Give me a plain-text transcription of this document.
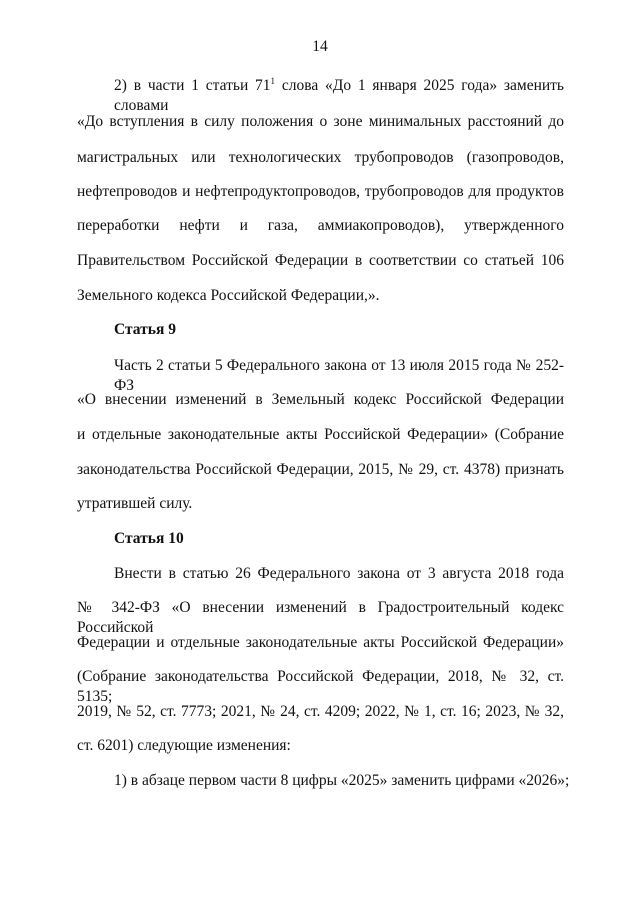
14
2) в части 1 статьи $71^1$ слова «До 1 января 2025 года» заменить словами
«До вступления в силу положения о зоне минимальных расстояний до
магистральных или технологических трубопроводов (газопроводов,
нефтепроводов и нефтепродуктопроводов, трубопроводов для продуктов
переработки нефти и газа, аммиакопроводов), утвержденного
Правительством Российской Федерации в соответствии со статьей 106
Земельного кодекса Российской Федерации,».
Статья 9
Часть 2 статьи 5 Федерального закона от 13 июля 2015 года № 252-ФЗ
«О внесении изменений в Земельный кодекс Российской Федерации
и отдельные законодательные акты Российской Федерации» (Собрание
законодательства Российской Федерации, 2015, № 29, ст. 4378) признать
утратившей силу.
Статья 10
Внести в статью 26 Федерального закона от 3 августа 2018 года
№ 342-ФЗ «О внесении изменений в Градостроительный кодекс Российской
Федерации и отдельные законодательные акты Российской Федерации»
(Собрание законодательства Российской Федерации, 2018, № 32, ст. 5135;
2019, № 52, ст. 7773; 2021, № 24, ст. 4209; 2022, № 1, ст. 16; 2023, № 32,
ст. 6201) следующие изменения:
1) в абзаце первом части 8 цифры «2025» заменить цифрами «2026»;
